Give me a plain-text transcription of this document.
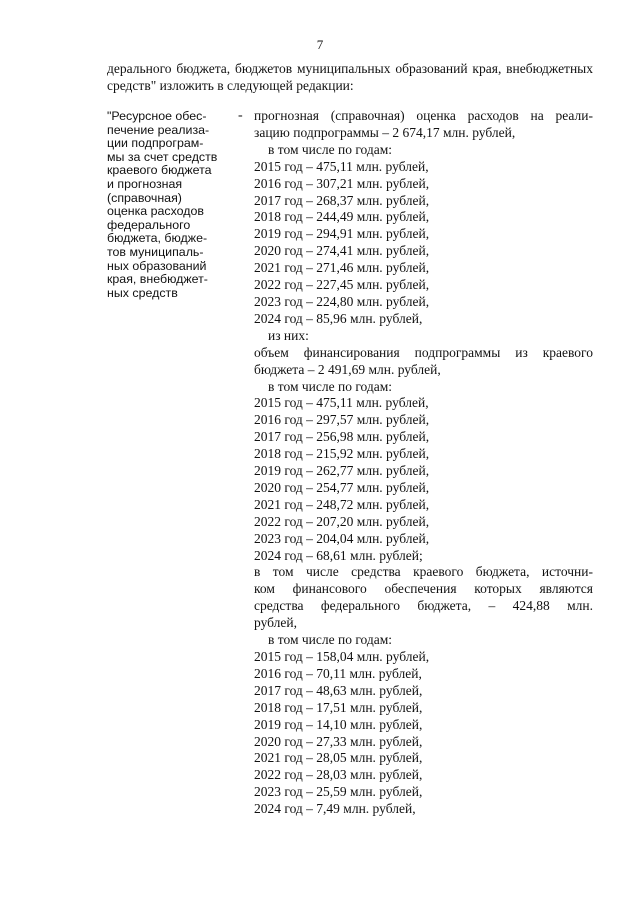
7
дерального бюджета, бюджетов муниципальных образований края, внебюджетных средств" изложить в следующей редакции:
"Ресурсное обес-
печение реализа-
ции подпрограм-
мы за счет средств
краевого бюджета
и прогнозная
(справочная)
оценка расходов
федерального
бюджета, бюдже-
тов муниципаль-
ных образований
края, внебюджет-
ных средств
- прогнозная (справочная) оценка расходов на реали-
зацию подпрограммы – 2 674,17 млн. рублей,
в том числе по годам:
2015 год – 475,11 млн. рублей,
2016 год – 307,21 млн. рублей,
2017 год – 268,37 млн. рублей,
2018 год – 244,49 млн. рублей,
2019 год – 294,91 млн. рублей,
2020 год – 274,41 млн. рублей,
2021 год – 271,46 млн. рублей,
2022 год – 227,45 млн. рублей,
2023 год – 224,80 млн. рублей,
2024 год – 85,96 млн. рублей,
из них:
объем финансирования подпрограммы из краевого
бюджета – 2 491,69 млн. рублей,
в том числе по годам:
2015 год – 475,11 млн. рублей,
2016 год – 297,57 млн. рублей,
2017 год – 256,98 млн. рублей,
2018 год – 215,92 млн. рублей,
2019 год – 262,77 млн. рублей,
2020 год – 254,77 млн. рублей,
2021 год – 248,72 млн. рублей,
2022 год – 207,20 млн. рублей,
2023 год – 204,04 млн. рублей,
2024 год – 68,61 млн. рублей;
в том числе средства краевого бюджета, источни-
ком финансового обеспечения которых являются
средства федерального бюджета, – 424,88 млн.
рублей,
в том числе по годам:
2015 год – 158,04 млн. рублей,
2016 год – 70,11 млн. рублей,
2017 год – 48,63 млн. рублей,
2018 год – 17,51 млн. рублей,
2019 год – 14,10 млн. рублей,
2020 год – 27,33 млн. рублей,
2021 год – 28,05 млн. рублей,
2022 год – 28,03 млн. рублей,
2023 год – 25,59 млн. рублей,
2024 год – 7,49 млн. рублей,
